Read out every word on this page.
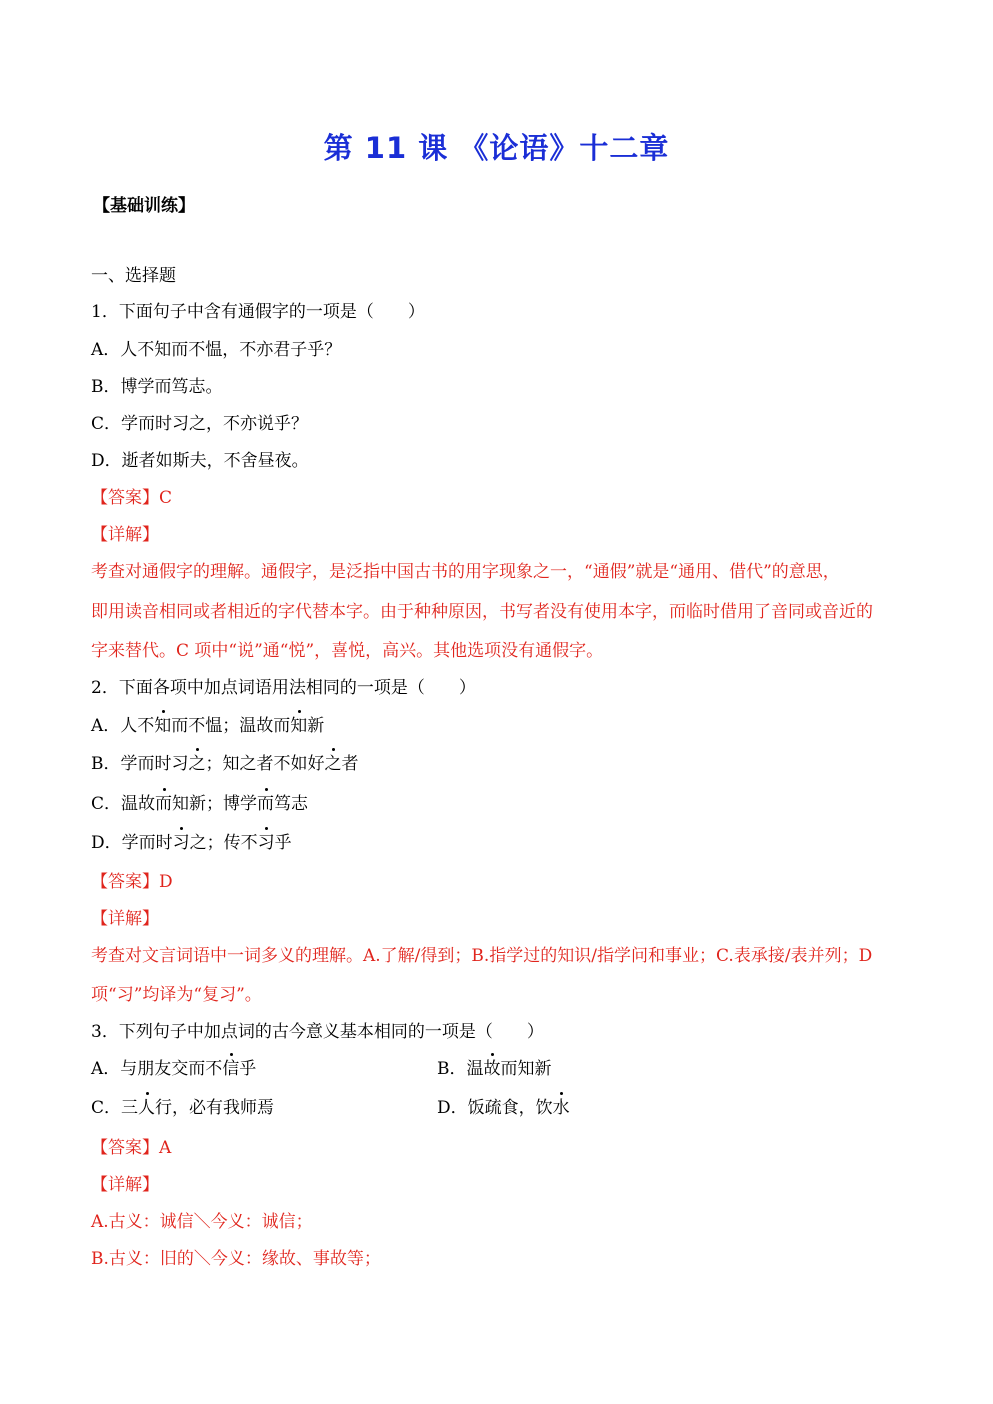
第 11 课 《论语》十二章
【基础训练】
一、选择题
1．下面句子中含有通假字的一项是（　　）
A．人不知而不愠，不亦君子乎？
B．博学而笃志。
C．学而时习之，不亦说乎？
D．逝者如斯夫，不舍昼夜。
【答案】C
【详解】
考查对通假字的理解。通假字，是泛指中国古书的用字现象之一，“通假”就是“通用、借代”的意思，
即用读音相同或者相近的字代替本字。由于种种原因，书写者没有使用本字，而临时借用了音同或音近的
字来替代。C 项中“说”通“悦”，喜悦，高兴。其他选项没有通假字。
2．下面各项中加点词语用法相同的一项是（　　）
A．人不知而不愠；温故而知新
B．学而时习之；知之者不如好之者
C．温故而知新；博学而笃志
D．学而时习之；传不习乎
【答案】D
【详解】
考查对文言词语中一词多义的理解。A.了解/得到；B.指学过的知识/指学问和事业；C.表承接/表并列；D
项“习”均译为“复习”。
3．下列句子中加点词的古今意义基本相同的一项是（　　）
A．与朋友交而不信乎	B．温故而知新
C．三人行，必有我师焉	D．饭疏食，饮水
【答案】A
【详解】
A.古义：诚信＼今义：诚信；
B.古义：旧的＼今义：缘故、事故等；
